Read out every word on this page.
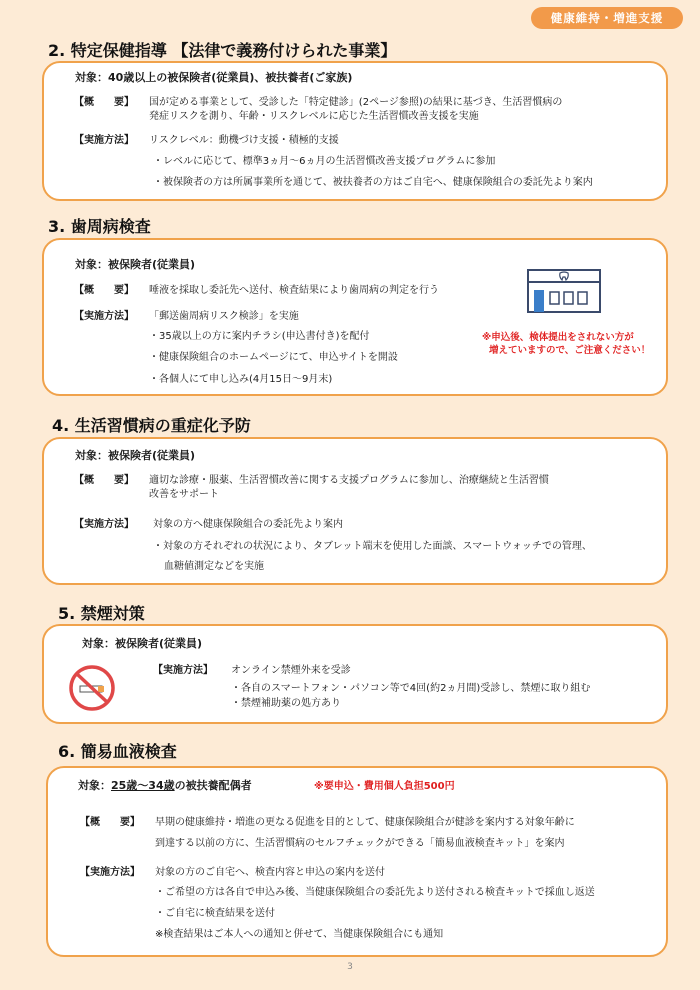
健康維持・増進支援
2. 特定保健指導 【法律で義務付けられた事業】
対象：40歳以上の被保険者(従業員)、被扶養者(ご家族)
【概　　要】 国が定める事業として、受診した「特定健診」(2ページ参照)の結果に基づき、生活習慣病の
発症リスクを測り、年齢・リスクレベルに応じた生活習慣改善支援を実施
【実施方法】 リスクレベル：動機づけ支援・積極的支援
・レベルに応じて、標準3ヵ月～6ヵ月の生活習慣改善支援プログラムに参加
・被保険者の方は所属事業所を通じて、被扶養者の方はご自宅へ、健康保険組合の委託先より案内
3. 歯周病検査
対象：被保険者(従業員)
【概　　要】 唾液を採取し委託先へ送付、検査結果により歯周病の判定を行う
【実施方法】 「郵送歯周病リスク検診」を実施
・35歳以上の方に案内チラシ(申込書付き)を配付
・健康保険組合のホームページにて、申込サイトを開設
・各個人にて申し込み(4月15日～9月末)
※申込後、検体提出をされない方が
増えていますので、ご注意ください！
4. 生活習慣病の重症化予防
対象：被保険者(従業員)
【概　　要】 適切な診療・服薬、生活習慣改善に関する支援プログラムに参加し、治療継続と生活習慣
改善をサポート
【実施方法】 対象の方へ健康保険組合の委託先より案内
・対象の方それぞれの状況により、タブレット端末を使用した面談、スマートウォッチでの管理、
血糖値測定などを実施
5. 禁煙対策
対象：被保険者(従業員)
【実施方法】 オンライン禁煙外来を受診
・各自のスマートフォン・パソコン等で4回(約2ヵ月間)受診し、禁煙に取り組む
・禁煙補助薬の処方あり
6. 簡易血液検査
対象：25歳～34歳の被扶養配偶者	※要申込・費用個人負担500円
【概　　要】 早期の健康維持・増進の更なる促進を目的として、健康保険組合が健診を案内する対象年齢に
到達する以前の方に、生活習慣病のセルフチェックができる「簡易血液検査キット」を案内
【実施方法】 対象の方のご自宅へ、検査内容と申込の案内を送付
・ご希望の方は各自で申込み後、当健康保険組合の委託先より送付される検査キットで採血し返送
・ご自宅に検査結果を送付
※検査結果はご本人への通知と併せて、当健康保険組合にも通知
3
